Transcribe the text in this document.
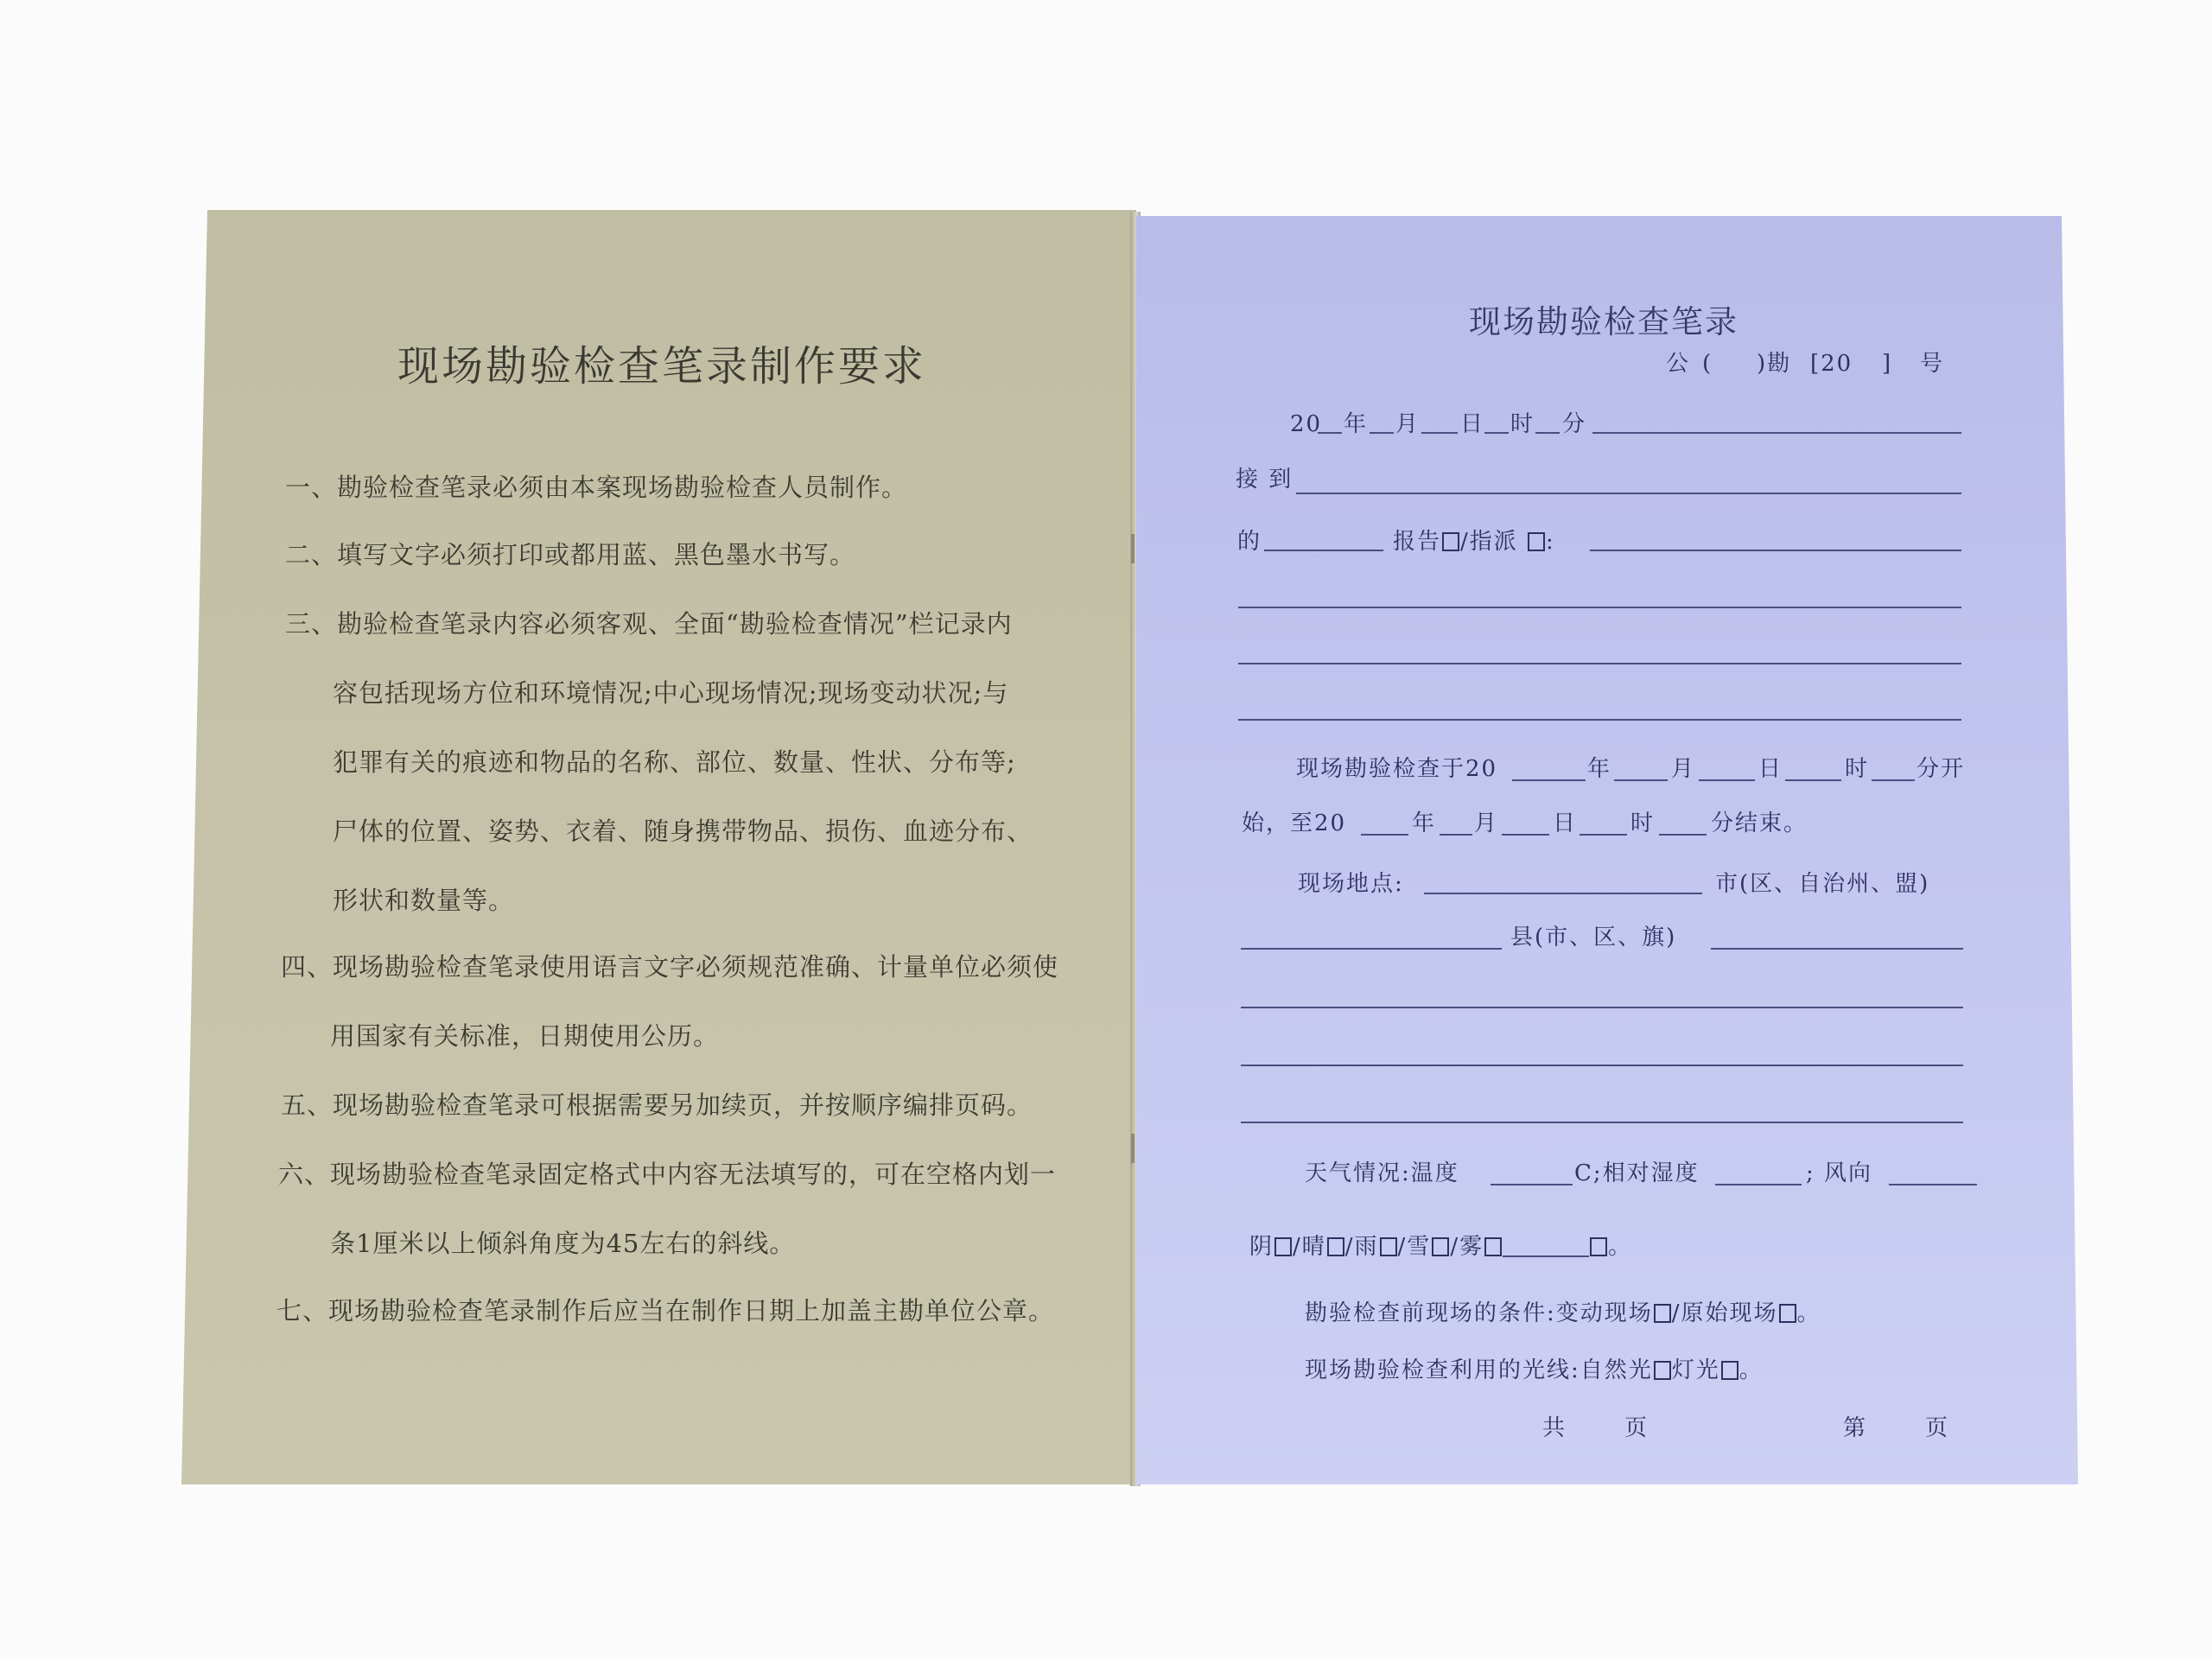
现场勘验检查笔录制作要求

一、勘验检查笔录必须由本案现场勘验检查人员制作。

二、填写文字必须打印或都用蓝、黑色墨水书写。

三、勘验检查笔录内容必须客观、全面“勘验检查情况”栏记录内

容包括现场方位和环境情况;中心现场情况;现场变动状况;与

犯罪有关的痕迹和物品的名称、部位、数量、性状、分布等;

尸体的位置、姿势、衣着、随身携带物品、损伤、血迹分布、

形状和数量等。

四、现场勘验检查笔录使用语言文字必须规范准确、计量单位必须使

用国家有关标准，日期使用公历。

五、现场勘验检查笔录可根据需要另加续页，并按顺序编排页码。

六、现场勘验检查笔录固定格式中内容无法填写的，可在空格内划一

条1厘米以上倾斜角度为45左右的斜线。

七、现场勘验检查笔录制作后应当在制作日期上加盖主勘单位公章。

现场勘验检查笔录
公 ( )勘 [20 ] 号
20 年 月 日 时 分
接 到
的	报告 /指派 :
现场勘验检查于20	年	月	日	时 分开
始，至20	年 月 日 时 分结束。
现场地点:	市(区、自治州、盟)
县(市、区、旗)
天气情况:温度	C;相对湿度	; 风向
阴 /晴 /雨 /雪 /雾	。
勘验检查前现场的条件:变动现场 /原始现场 。
现场勘验检查利用的光线:自然光 灯光 。
共	页	第	页
